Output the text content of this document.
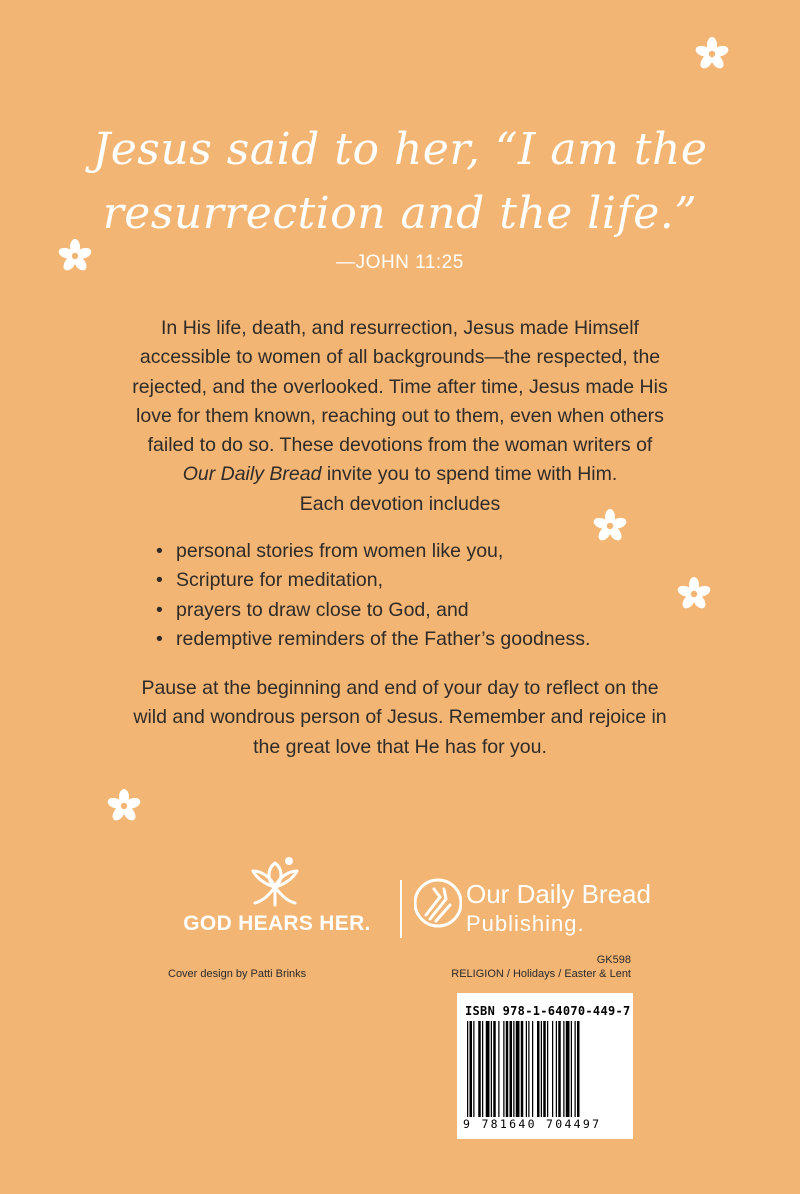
Jesus said to her, “I am the
resurrection and the life.”
—JOHN 11:25
In His life, death, and resurrection, Jesus made Himself
accessible to women of all backgrounds—the respected, the
rejected, and the overlooked. Time after time, Jesus made His
love for them known, reaching out to them, even when others
failed to do so. These devotions from the woman writers of
Our Daily Bread invite you to spend time with Him.
Each devotion includes
• personal stories from women like you,
• Scripture for meditation,
• prayers to draw close to God, and
• redemptive reminders of the Father’s goodness.
Pause at the beginning and end of your day to reflect on the
wild and wondrous person of Jesus. Remember and rejoice in
the great love that He has for you.
GOD HEARS HER.
Our Daily Bread
Publishing.
Cover design by Patti Brinks
GK598
RELIGION / Holidays / Easter & Lent
ISBN 978-1-64070-449-7
9 781640 704497
